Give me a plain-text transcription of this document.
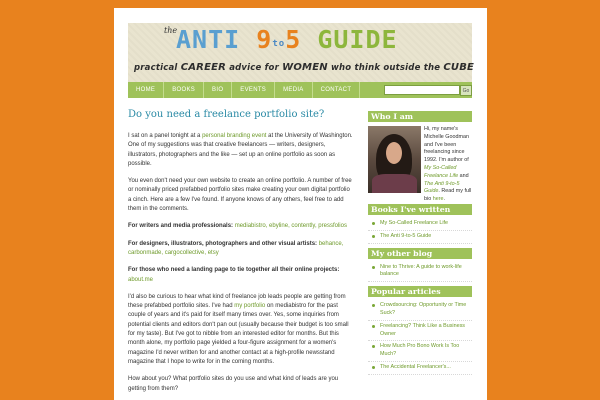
the
ANTI 9to5 GUIDE
practical CAREER advice for WOMEN who think outside the CUBE
HOME	BOOKS	BIO	EVENTS	MEDIA	CONTACT	Go
Do you need a freelance portfolio site?

I sat on a panel tonight at a personal branding event at the University of Washington. One of my suggestions was that creative freelancers — writers, designers, illustrators, photographers and the like — set up an online portfolio as soon as possible.

You even don't need your own website to create an online portfolio. A number of free or nominally priced prefabbed portfolio sites make creating your own digital portfolio a cinch. Here are a few I've found. If anyone knows of any others, feel free to add them in the comments.

For writers and media professionals: mediabistro, ebyline, contently, pressfolios

For designers, illustrators, photographers and other visual artists: behance, carbonmade, cargocollective, etsy

For those who need a landing page to tie together all their online projects:
about.me

I'd also be curious to hear what kind of freelance job leads people are getting from these prefabbed portfolio sites. I've had my portfolio on mediabistro for the past couple of years and it's paid for itself many times over. Yes, some inquiries from potential clients and editors don't pan out (usually because their budget is too small for my taste). But I've got to nibble from an interested editor for months. But this month alone, my portfolio page yielded a four-figure assignment for a women's magazine I'd never written for and another contact at a high-profile newsstand magazine that I hope to write for in the coming months.

How about you? What portfolio sites do you use and what kind of leads are you getting from them?

Who I am
Hi, my name's Michelle Goodman and I've been freelancing since 1992. I'm author of My So-Called Freelance Life and The Anti 9-to-5 Guide. Read my full bio here.
Books I've written
My So-Called Freelance Life
The Anti 9-to-5 Guide
My other blog
Nine to Thrive: A guide to work-life balance
Popular articles
Crowdsourcing: Opportunity or Time Suck?
Freelancing? Think Like a Business Owner
How Much Pro Bono Work Is Too Much?
The Accidental Freelancer's...
